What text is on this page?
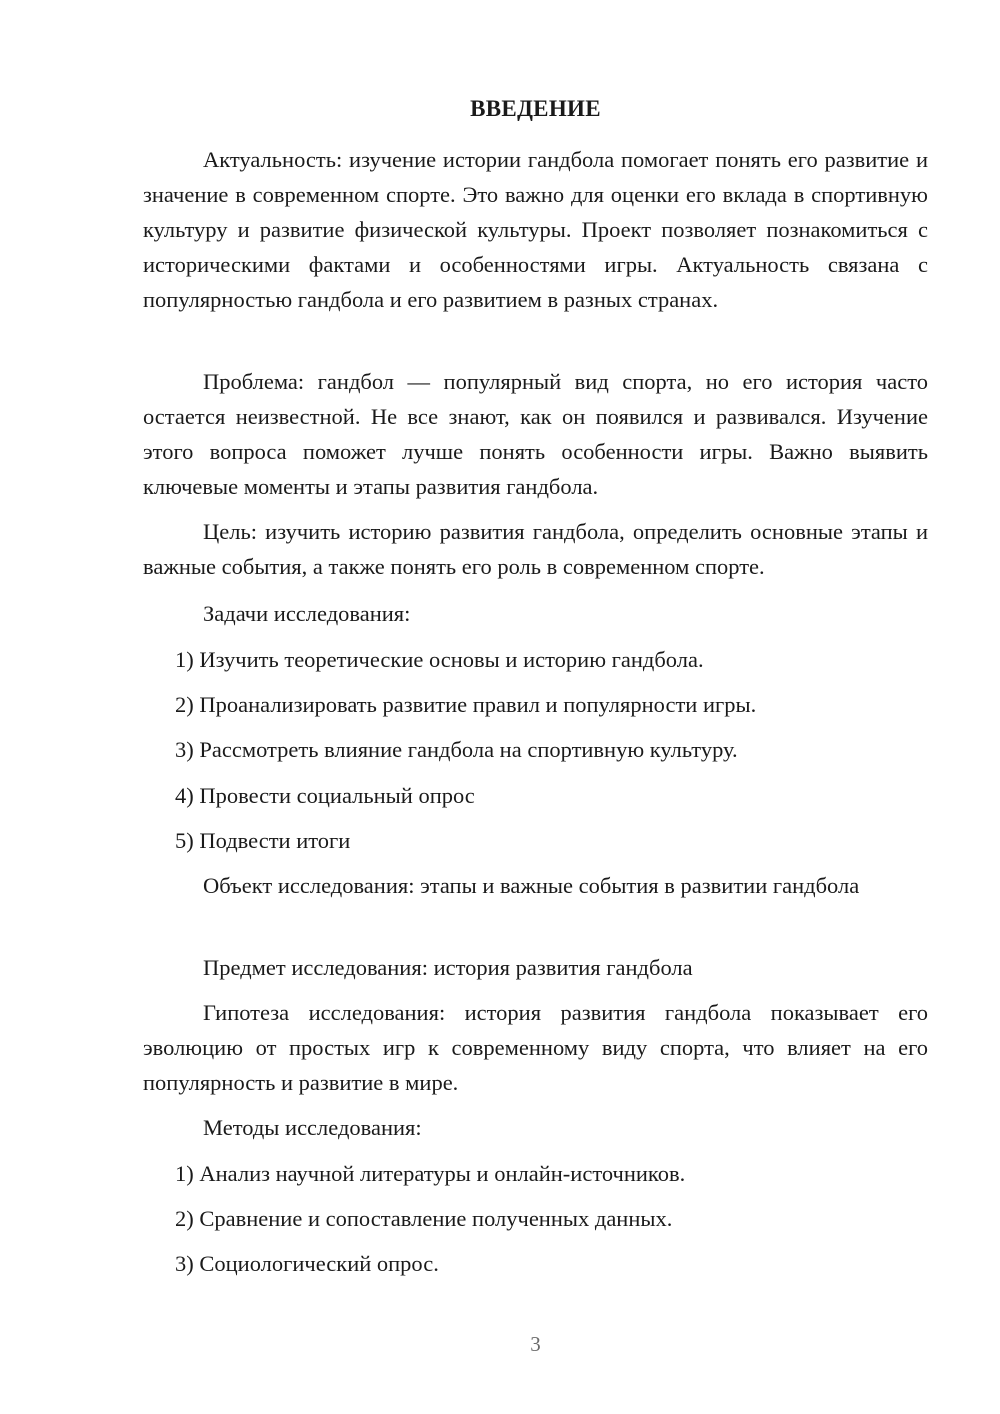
ВВЕДЕНИЕ

Актуальность: изучение истории гандбола помогает понять его развитие и значение в современном спорте. Это важно для оценки его вклада в спортивную культуру и развитие физической культуры. Проект позволяет познакомиться с историческими фактами и особенностями игры. Актуальность связана с популярностью гандбола и его развитием в разных странах.

Проблема: гандбол — популярный вид спорта, но его история часто остается неизвестной. Не все знают, как он появился и развивался. Изучение этого вопроса поможет лучше понять особенности игры. Важно выявить ключевые моменты и этапы развития гандбола.

Цель: изучить историю развития гандбола, определить основные этапы и важные события, а также понять его роль в современном спорте.

Задачи исследования:

1) Изучить теоретические основы и историю гандбола.

2) Проанализировать развитие правил и популярности игры.

3) Рассмотреть влияние гандбола на спортивную культуру.

4) Провести социальный опрос

5) Подвести итоги

Объект исследования: этапы и важные события в развитии гандбола

Предмет исследования: история развития гандбола

Гипотеза исследования: история развития гандбола показывает его эволюцию от простых игр к современному виду спорта, что влияет на его популярность и развитие в мире.

Методы исследования:

1) Анализ научной литературы и онлайн-источников.

2) Сравнение и сопоставление полученных данных.

3) Социологический опрос.

3
